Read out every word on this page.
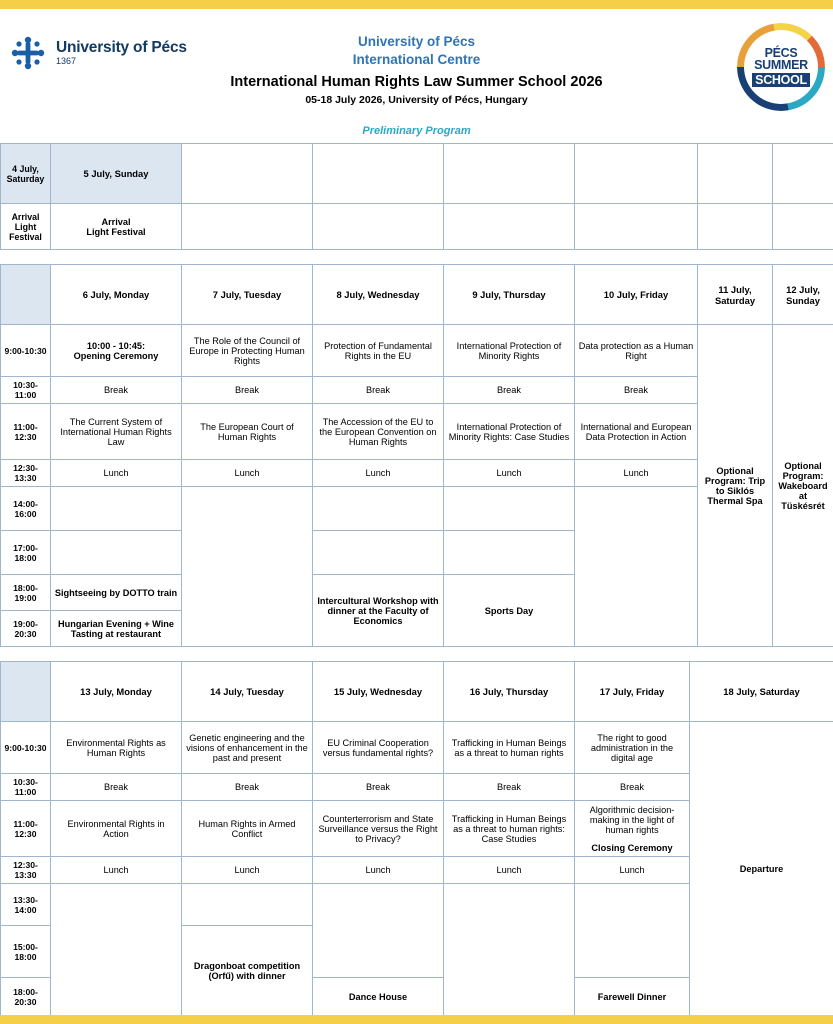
University of Pécs
1367
University of Pécs
International Centre
International Human Rights Law Summer School 2026
05-18 July 2026, University of Pécs, Hungary
PÉCS
SUMMER
SCHOOL
Preliminary Program
4 July,
Saturday	5 July, Sunday						
Arrival
Light
Festival	Arrival
Light Festival						
	6 July, Monday	7 July, Tuesday	8 July, Wednesday	9 July, Thursday	10 July, Friday	11 July, Saturday	12 July, Sunday
9:00-10:30	10:00 - 10:45:
Opening Ceremony	The Role of the Council of Europe in Protecting Human Rights	Protection of Fundamental Rights in the EU	International Protection of Minority Rights	Data protection as a Human Right	Optional Program: Trip to Siklós Thermal Spa	Optional Program: Wakeboard at Tüskésrét
10:30-11:00	Break	Break	Break	Break	Break		
11:00-12:30	The Current System of International Human Rights Law	The European Court of Human Rights	The Accession of the EU to the European Convention on Human Rights	International Protection of Minority Rights: Case Studies	International and European Data Protection in Action		
12:30-13:30	Lunch	Lunch	Lunch	Lunch	Lunch		
14:00-16:00							
17:00-18:00							
18:00-19:00	Sightseeing by DOTTO train		Intercultural Workshop with dinner at the Faculty of Economics	Sports Day			
19:00-20:30	Hungarian Evening + Wine Tasting at restaurant						
	13 July, Monday	14 July, Tuesday	15 July, Wednesday	16 July, Thursday	17 July, Friday	18 July, Saturday
9:00-10:30	Environmental Rights as Human Rights	Genetic engineering and the visions of enhancement in the past and present	EU Criminal Cooperation versus fundamental rights?	Trafficking in Human Beings as a threat to human rights	The right to good administration in the digital age	Departure
10:30-11:00	Break	Break	Break	Break	Break	
11:00-12:30	Environmental Rights in Action	Human Rights in Armed Conflict	Counterterrorism and State Surveillance versus the Right to Privacy?	Trafficking in Human Beings as a threat to human rights: Case Studies	Algorithmic decision-making in the light of human rights
Closing Ceremony	

12:30-13:30	Lunch	Lunch	Lunch	Lunch	Lunch	
13:30-14:00						
15:00-18:00		Dragonboat competition (Orfű) with dinner				
18:00-20:30			Dance House		Farewell Dinner	
